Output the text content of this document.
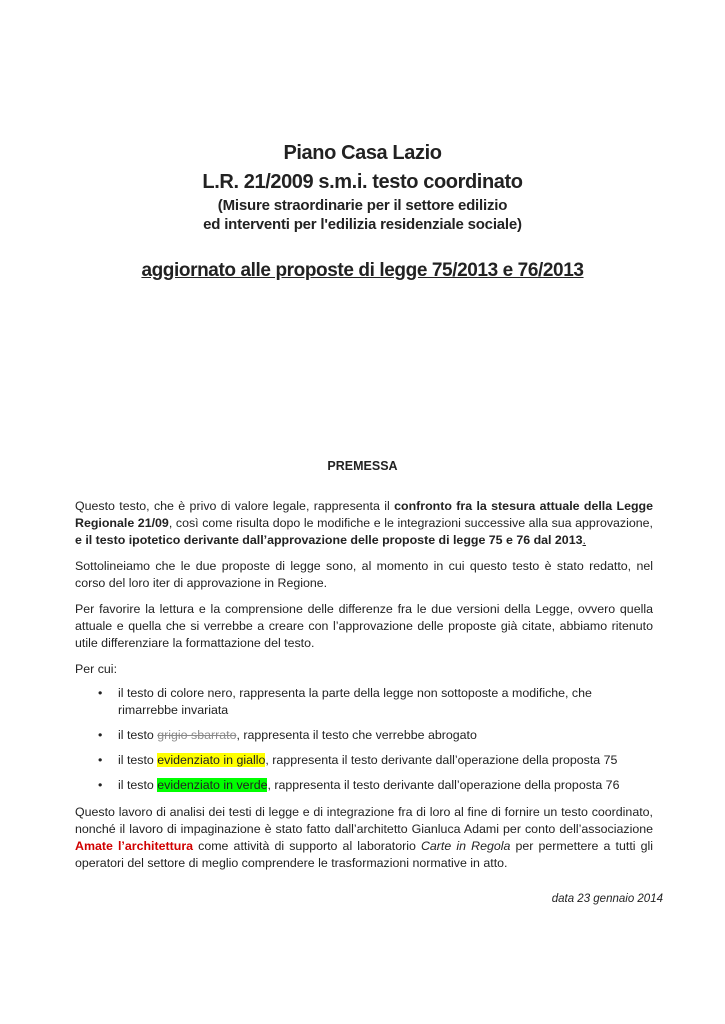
Piano Casa Lazio
L.R. 21/2009 s.m.i. testo coordinato
(Misure straordinarie per il settore edilizio
ed interventi per l'edilizia residenziale sociale)
aggiornato alle proposte di legge 75/2013 e 76/2013
PREMESSA

Questo testo, che è privo di valore legale, rappresenta il confronto fra la stesura attuale della Legge Regionale 21/09, così come risulta dopo le modifiche e le integrazioni successive alla sua approvazione, e il testo ipotetico derivante dall’approvazione delle proposte di legge 75 e 76 dal 2013.

Sottolineiamo che le due proposte di legge sono, al momento in cui questo testo è stato redatto, nel corso del loro iter di approvazione in Regione.

Per favorire la lettura e la comprensione delle differenze fra le due versioni della Legge, ovvero quella attuale e quella che si verrebbe a creare con l’approvazione delle proposte già citate, abbiamo ritenuto utile differenziare la formattazione del testo.

Per cui:

• il testo di colore nero, rappresenta la parte della legge non sottoposte a modifiche, che rimarrebbe invariata
• il testo grigio sbarrato, rappresenta il testo che verrebbe abrogato
• il testo evidenziato in giallo, rappresenta il testo derivante dall’operazione della proposta 75
• il testo evidenziato in verde, rappresenta il testo derivante dall’operazione della proposta 76

Questo lavoro di analisi dei testi di legge e di integrazione fra di loro al fine di fornire un testo coordinato, nonché il lavoro di impaginazione è stato fatto dall’architetto Gianluca Adami per conto dell’associazione Amate l’architettura come attività di supporto al laboratorio Carte in Regola per permettere a tutti gli operatori del settore di meglio comprendere le trasformazioni normative in atto.

data 23 gennaio 2014
